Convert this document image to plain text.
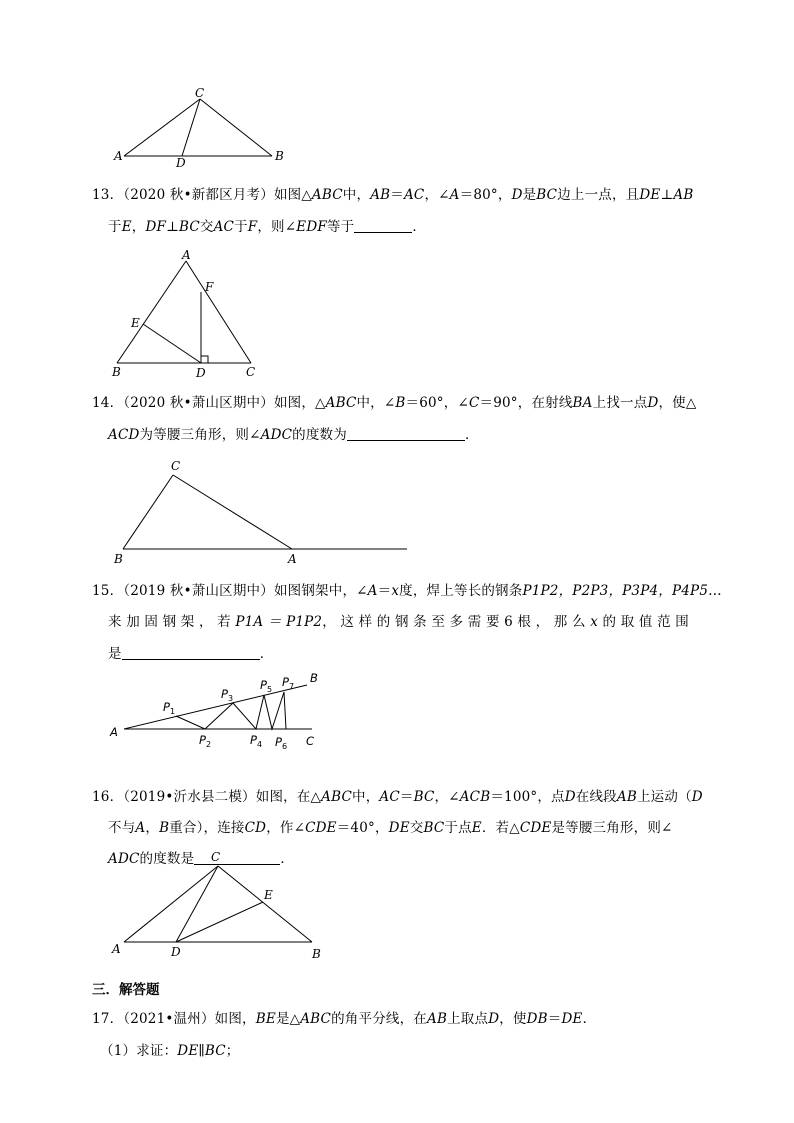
A	B
C
D
A
B	C
D
E
F
C
B	A
A
B
C
$P_1$
$P_2$
$P_3$
$P_4$
$P_5$
$P_6$
$P_7$
C
A	B
D
E
13．（2020 秋•新都区月考）如图△ABC中，AB＝AC，∠A＝80°，D是BC边上一点，且DE⊥AB
于E，DF⊥BC交AC于F，则∠EDF等于	．
14．（2020 秋•萧山区期中）如图，△ABC中，∠B＝60°，∠C＝90°，在射线BA上找一点D，使△
ACD为等腰三角形，则∠ADC的度数为	．
15．（2019 秋•萧山区期中）如图钢架中，∠A＝x度，焊上等长的钢条P1P2，P2P3，P3P4，P4P5…
来 加 固 钢 架 ， 若 P1A ＝ P1P2， 这 样 的 钢 条 至 多 需 要 6 根 ， 那 么 x 的 取 值 范 围
是	．
16．（2019•沂水县二模）如图，在△ABC中，AC＝BC，∠ACB＝100°，点D在线段AB上运动（D
不与A，B重合），连接CD，作∠CDE＝40°，DE交BC于点E．若△CDE是等腰三角形，则∠
ADC的度数是	．
三．解答题
17．（2021•温州）如图，BE是△ABC的角平分线，在AB上取点D，使DB＝DE．
（1）求证：DE∥BC；
